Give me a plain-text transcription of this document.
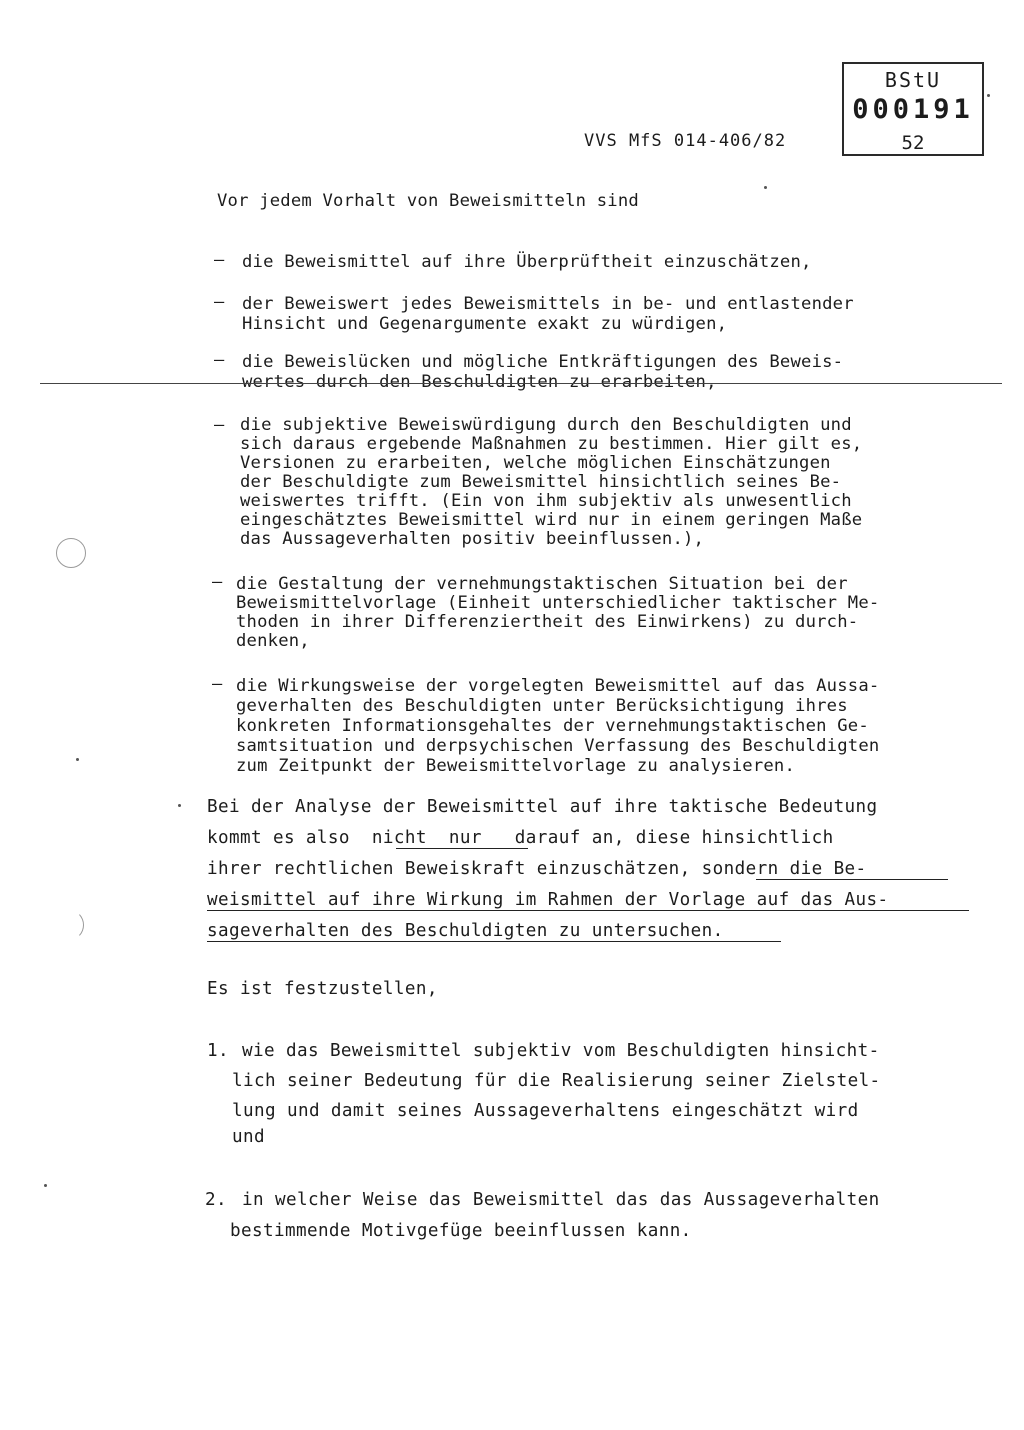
BStU
000191
52
VVS MfS 014-406/82
Vor jedem Vorhalt von Beweismitteln sind
– die Beweismittel auf ihre Überprüftheit einzuschätzen,
– der Beweiswert jedes Beweismittels in be- und entlastender
Hinsicht und Gegenargumente exakt zu würdigen,
– die Beweislücken und mögliche Entkräftigungen des Beweis-
wertes durch den Beschuldigten zu erarbeiten,
– die subjektive Beweiswürdigung durch den Beschuldigten und
sich daraus ergebende Maßnahmen zu bestimmen. Hier gilt es,
Versionen zu erarbeiten, welche möglichen Einschätzungen
der Beschuldigte zum Beweismittel hinsichtlich seines Be-
weiswertes trifft. (Ein von ihm subjektiv als unwesentlich
eingeschätztes Beweismittel wird nur in einem geringen Maße
das Aussageverhalten positiv beeinflussen.),
– die Gestaltung der vernehmungstaktischen Situation bei der
Beweismittelvorlage (Einheit unterschiedlicher taktischer Me-
thoden in ihrer Differenziertheit des Einwirkens) zu durch-
denken,
– die Wirkungsweise der vorgelegten Beweismittel auf das Aussa-
geverhalten des Beschuldigten unter Berücksichtigung ihres
konkreten Informationsgehaltes der vernehmungstaktischen Ge-
samtsituation und derpsychischen Verfassung des Beschuldigten
zum Zeitpunkt der Beweismittelvorlage zu analysieren.
Bei der Analyse der Beweismittel auf ihre taktische Bedeutung
kommt es also  nicht  nur   darauf an, diese hinsichtlich
ihrer rechtlichen Beweiskraft einzuschätzen, sondern die Be-
weismittel auf ihre Wirkung im Rahmen der Vorlage auf das Aus-
sageverhalten des Beschuldigten zu untersuchen.
Es ist festzustellen,
1. wie das Beweismittel subjektiv vom Beschuldigten hinsicht-
lich seiner Bedeutung für die Realisierung seiner Zielstel-
lung und damit seines Aussageverhaltens eingeschätzt wird
und
2. in welcher Weise das Beweismittel das das Aussageverhalten
bestimmende Motivgefüge beeinflussen kann.
